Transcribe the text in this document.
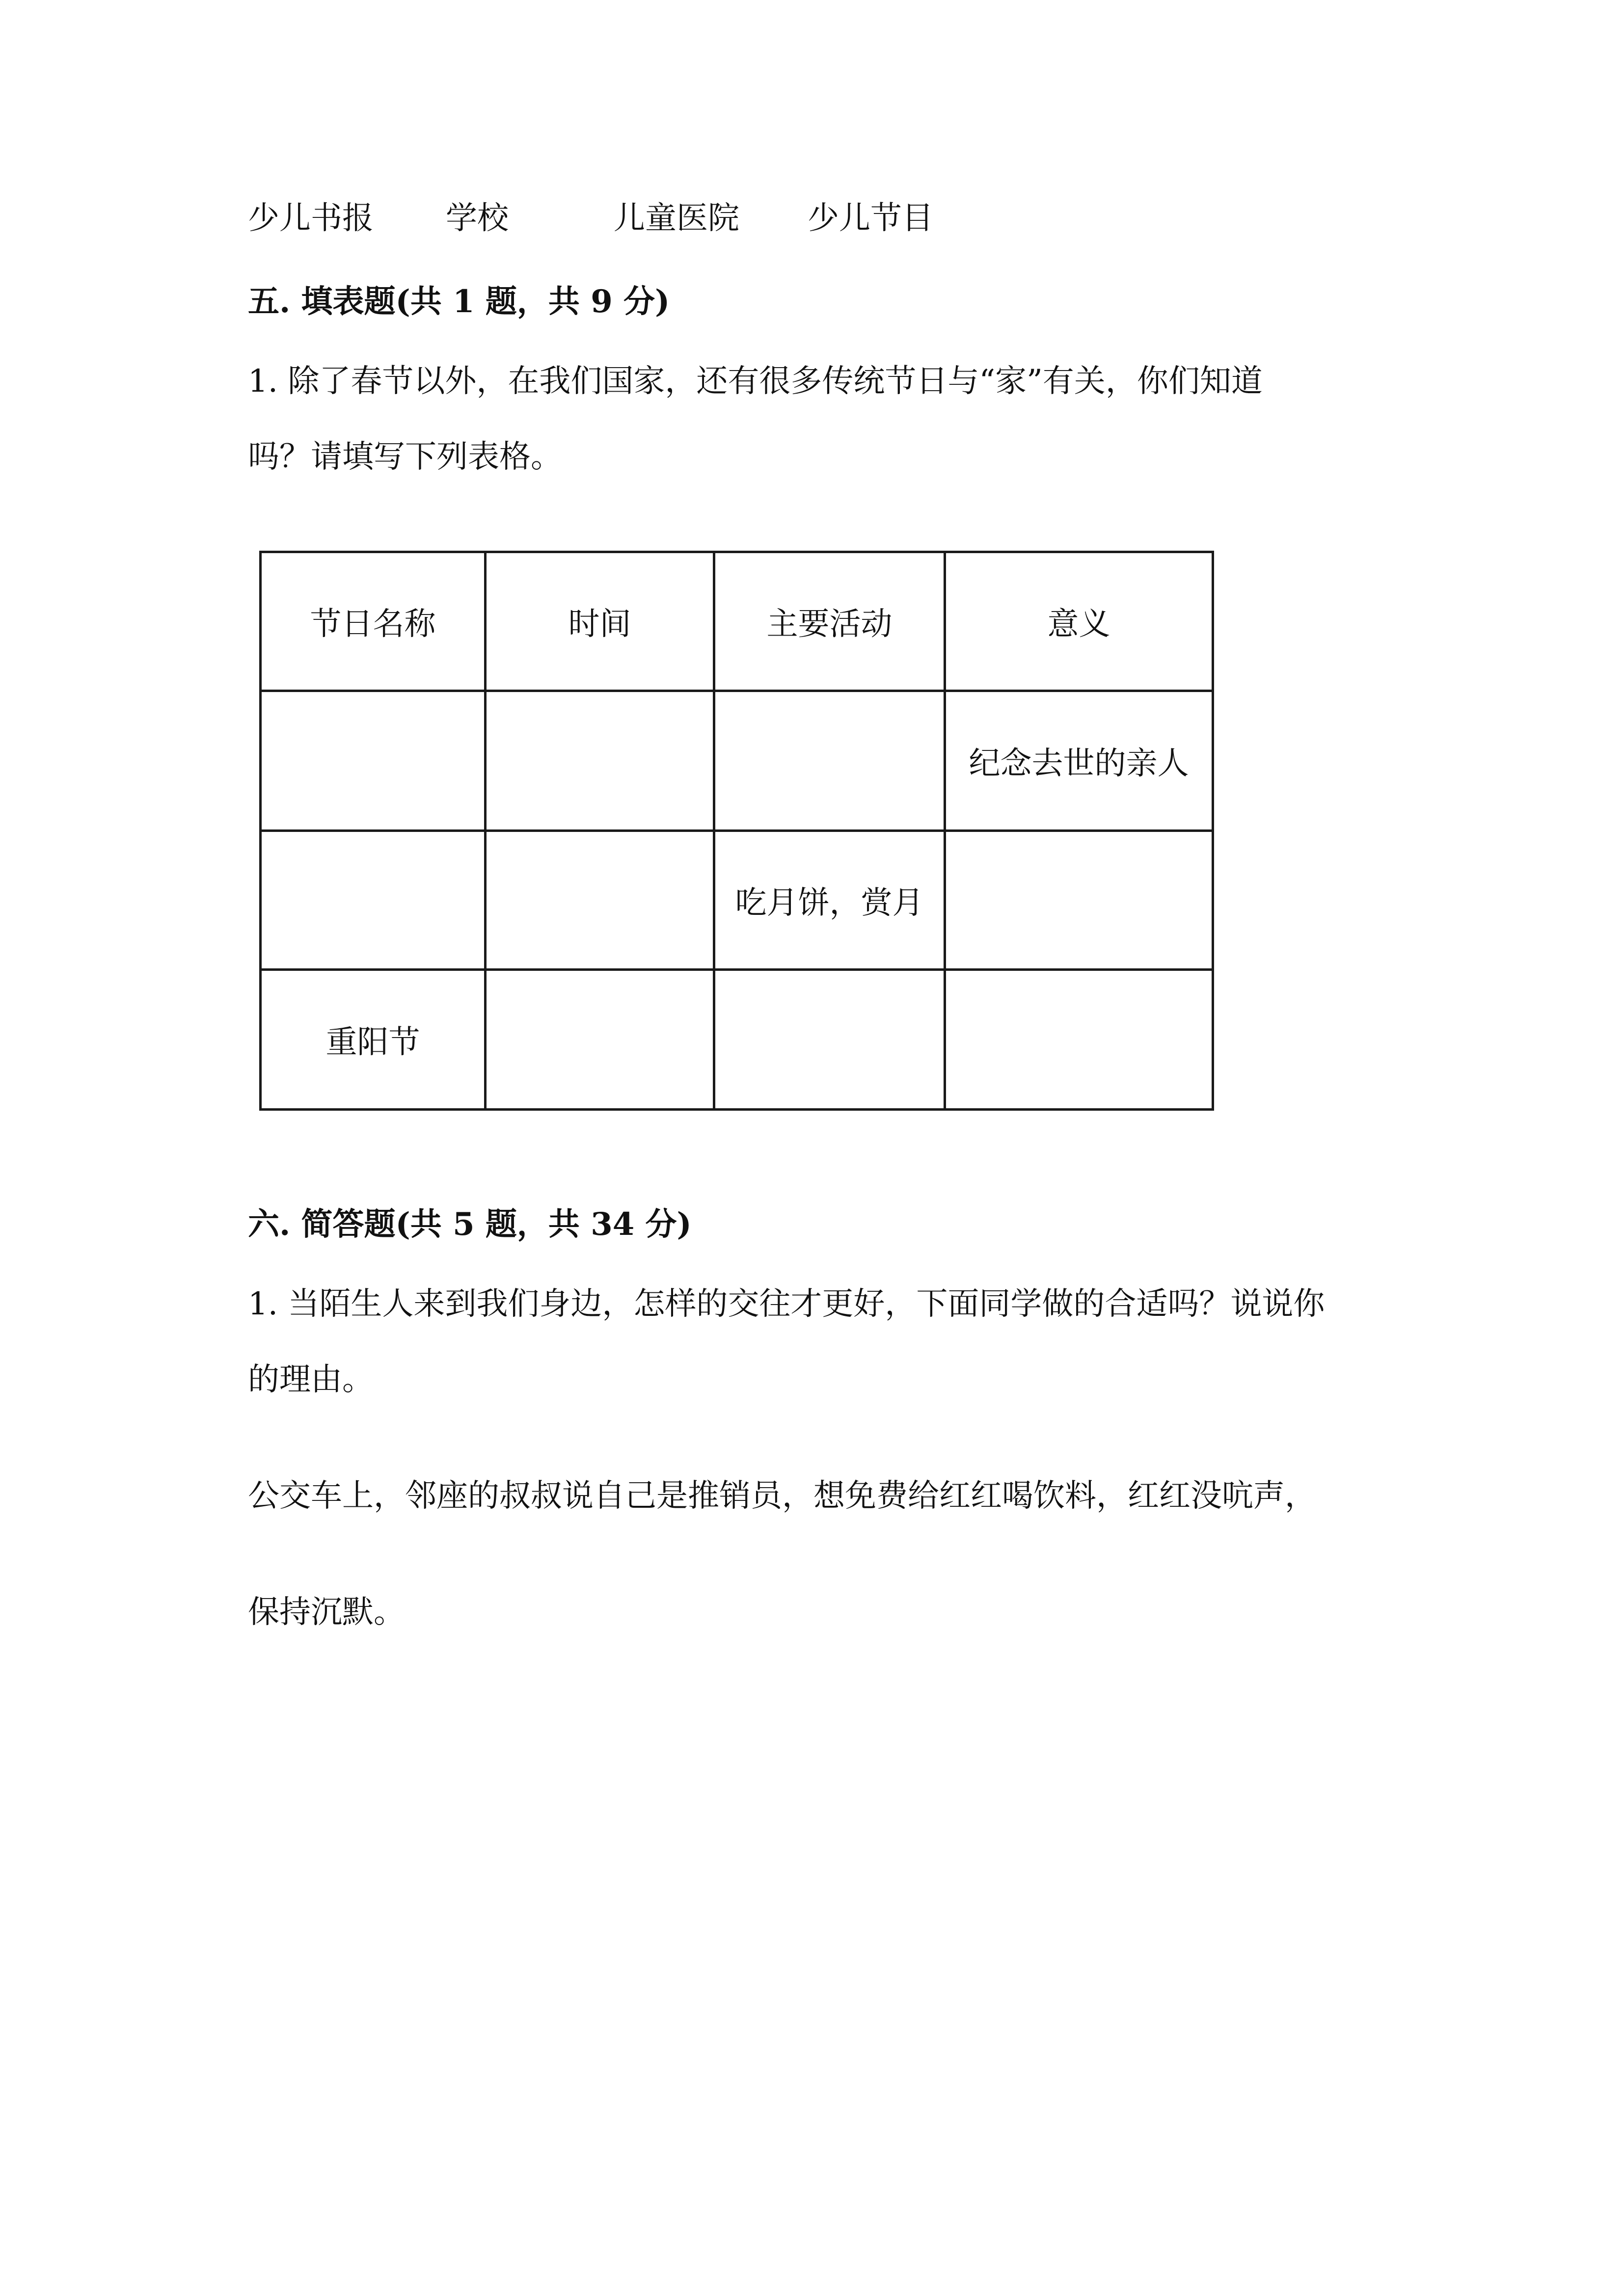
少儿书报 学校	儿童医院 少儿节目
五. 填表题(共 1 题，共 9 分)
1. 除了春节以外，在我们国家，还有很多传统节日与“家”有关，你们知道
吗？请填写下列表格。
节日名称	时间	主要活动	意义
			纪念去世的亲人
		吃月饼，赏月	
重阳节			
六. 简答题(共 5 题，共 34 分)
1. 当陌生人来到我们身边，怎样的交往才更好，下面同学做的合适吗？说说你
的理由。
公交车上，邻座的叔叔说自己是推销员，想免费给红红喝饮料，红红没吭声，
保持沉默。
